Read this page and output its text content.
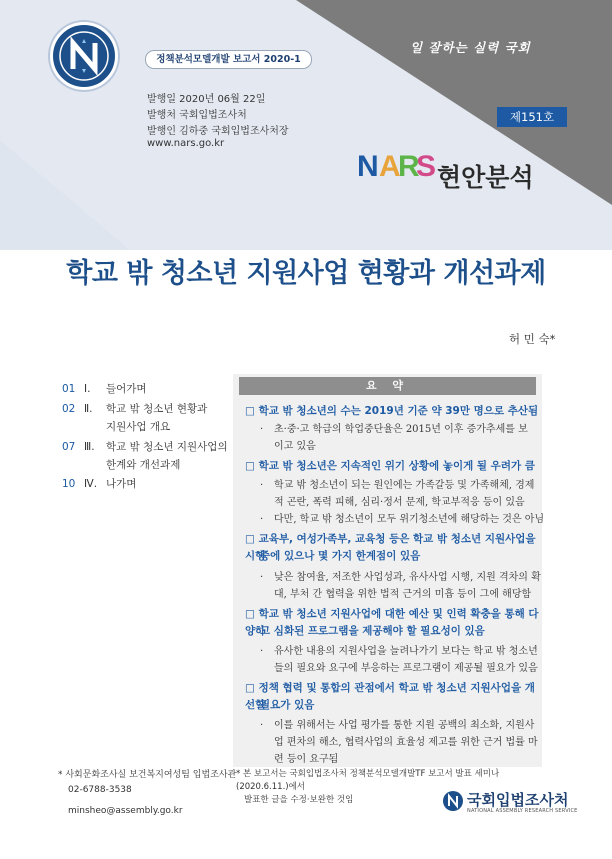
정책분석모델개발 보고서 2020-1
발행일 2020년 06월 22일
발행처 국회입법조사처
발행인 김하중 국회입법조사처장
www.nars.go.kr
일 잘하는 실력 국회
제151호
N A
R
S 현안분석
학교 밖 청소년 지원사업 현황과 개선과제
허 민 숙*
01 Ⅰ. 들어가며
02 Ⅱ. 학교 밖 청소년 현황과
지원사업 개요
07 Ⅲ. 학교 밖 청소년 지원사업의
한계와 개선과제
10 Ⅳ. 나가며
요 약
□ 학교 밖 청소년의 수는 2019년 기준 약 39만 명으로 추산됨
· 초·중·고 학급의 학업중단율은 2015년 이후 증가추세를 보
이고 있음
□ 학교 밖 청소년은 지속적인 위기 상황에 놓이게 될 우려가 큼
· 학교 밖 청소년이 되는 원인에는 가족갈등 및 가족해체, 경제
적 곤란, 폭력 피해, 심리·정서 문제, 학교부적응 등이 있음
· 다만, 학교 밖 청소년이 모두 위기청소년에 해당하는 것은 아님
□ 교육부, 여성가족부, 교육청 등은 학교 밖 청소년 지원사업을 시행
중에 있으나 몇 가지 한계점이 있음
· 낮은 참여율, 저조한 사업성과, 유사사업 시행, 지원 격차의 확
대, 부처 간 협력을 위한 법적 근거의 미흡 등이 그에 해당함
□ 학교 밖 청소년 지원사업에 대한 예산 및 인력 확충을 통해 다양하
고 심화된 프로그램을 제공해야 할 필요성이 있음
· 유사한 내용의 지원사업을 늘려나가기 보다는 학교 밖 청소년
들의 필요와 요구에 부응하는 프로그램이 제공될 필요가 있음
□ 정책 협력 및 통합의 관점에서 학교 밖 청소년 지원사업을 개선할
필요가 있음
· 이를 위해서는 사업 평가를 통한 지원 공백의 최소화, 지원사
업 편차의 해소, 협력사업의 효율성 제고를 위한 근거 법률 마
련 등이 요구됨
* 사회문화조사실 보건복지여성팀 입법조사관
02-6788-3538
minsheo@assembly.go.kr
* 본 보고서는 국회입법조사처 정책분석모델개발TF 보고서 발표 세미나(2020.6.11.)에서
발표한 글을 수정·보완한 것임	국회입법조사처
NATIONAL ASSEMBLY RESEARCH SERVICE
